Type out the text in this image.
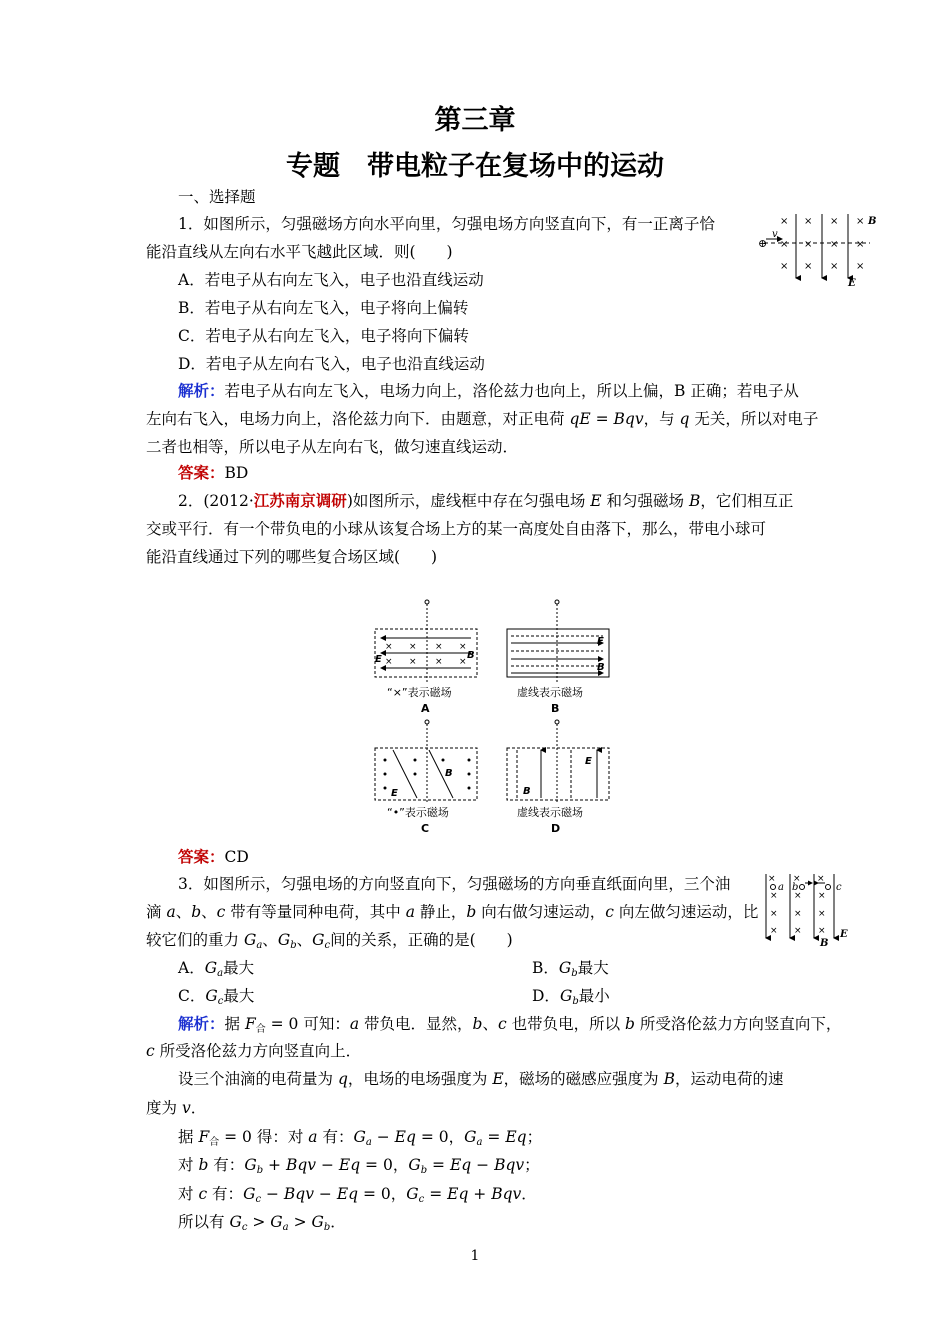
第三章
专题　带电粒子在复场中的运动
一、选择题
1．如图所示，匀强磁场方向水平向里，匀强电场方向竖直向下，有一正离子恰
能沿直线从左向右水平飞越此区域．则(　　)
A．若电子从右向左飞入，电子也沿直线运动
B．若电子从右向左飞入，电子将向上偏转
C．若电子从右向左飞入，电子将向下偏转
D．若电子从左向右飞入，电子也沿直线运动
解析：若电子从右向左飞入，电场力向上，洛伦兹力也向上，所以上偏，B 正确；若电子从
左向右飞入，电场力向上，洛伦兹力向下．由题意，对正电荷 qE = Bqv，与 q 无关，所以对电子
二者也相等，所以电子从左向右飞，做匀速直线运动．
答案：BD
× × × ×
× × × ×
× × × ×
⊕
v
B
E
2．(2012·江苏南京调研)如图所示，虚线框中存在匀强电场 E 和匀强磁场 B，它们相互正
交或平行．有一个带负电的小球从该复合场上方的某一高度处自由落下，那么，带电小球可
能沿直线通过下列的哪些复合场区域(　　)
× × × ×
× × × ×
E	B
“×”表示磁场
A
E
B
虚线表示磁场
B
B
E
“•”表示磁场
C
E
B
虚线表示磁场
D
答案：CD
3．如图所示，匀强电场的方向竖直向下，匀强磁场的方向垂直纸面向里，三个油
滴 a、b、c 带有等量同种电荷，其中 a 静止，b 向右做匀速运动，c 向左做匀速运动，比
较它们的重力 $G_a$、$G_b$、$G_c$间的关系，正确的是(　　)
A．$G_a$最大	B．$G_b$最大
C．$G_c$最大	D．$G_b$最小
解析：据 $F_合 = 0$ 可知：a 带负电．显然，b、c 也带负电，所以 b 所受洛伦兹力方向竖直向下，
c 所受洛伦兹力方向竖直向上．
设三个油滴的电荷量为 q，电场的电场强度为 E，磁场的磁感应强度为 B，运动电荷的速
度为 v．
据 $F_合 = 0$ 得：对 a 有：$G_a - Eq = 0$，$G_a = Eq$；
对 b 有：$G_b$ + Bqv − Eq = 0，$G_b = Eq$ − Bqv；
对 c 有：$G_c$ − Bqv − Eq = 0，$G_c = Eq$ + Bqv．
所以有 $G_c > G_a > G_b$．
× × ×
× × ×
× × ×
× × ×
a b	c
B
E
1
